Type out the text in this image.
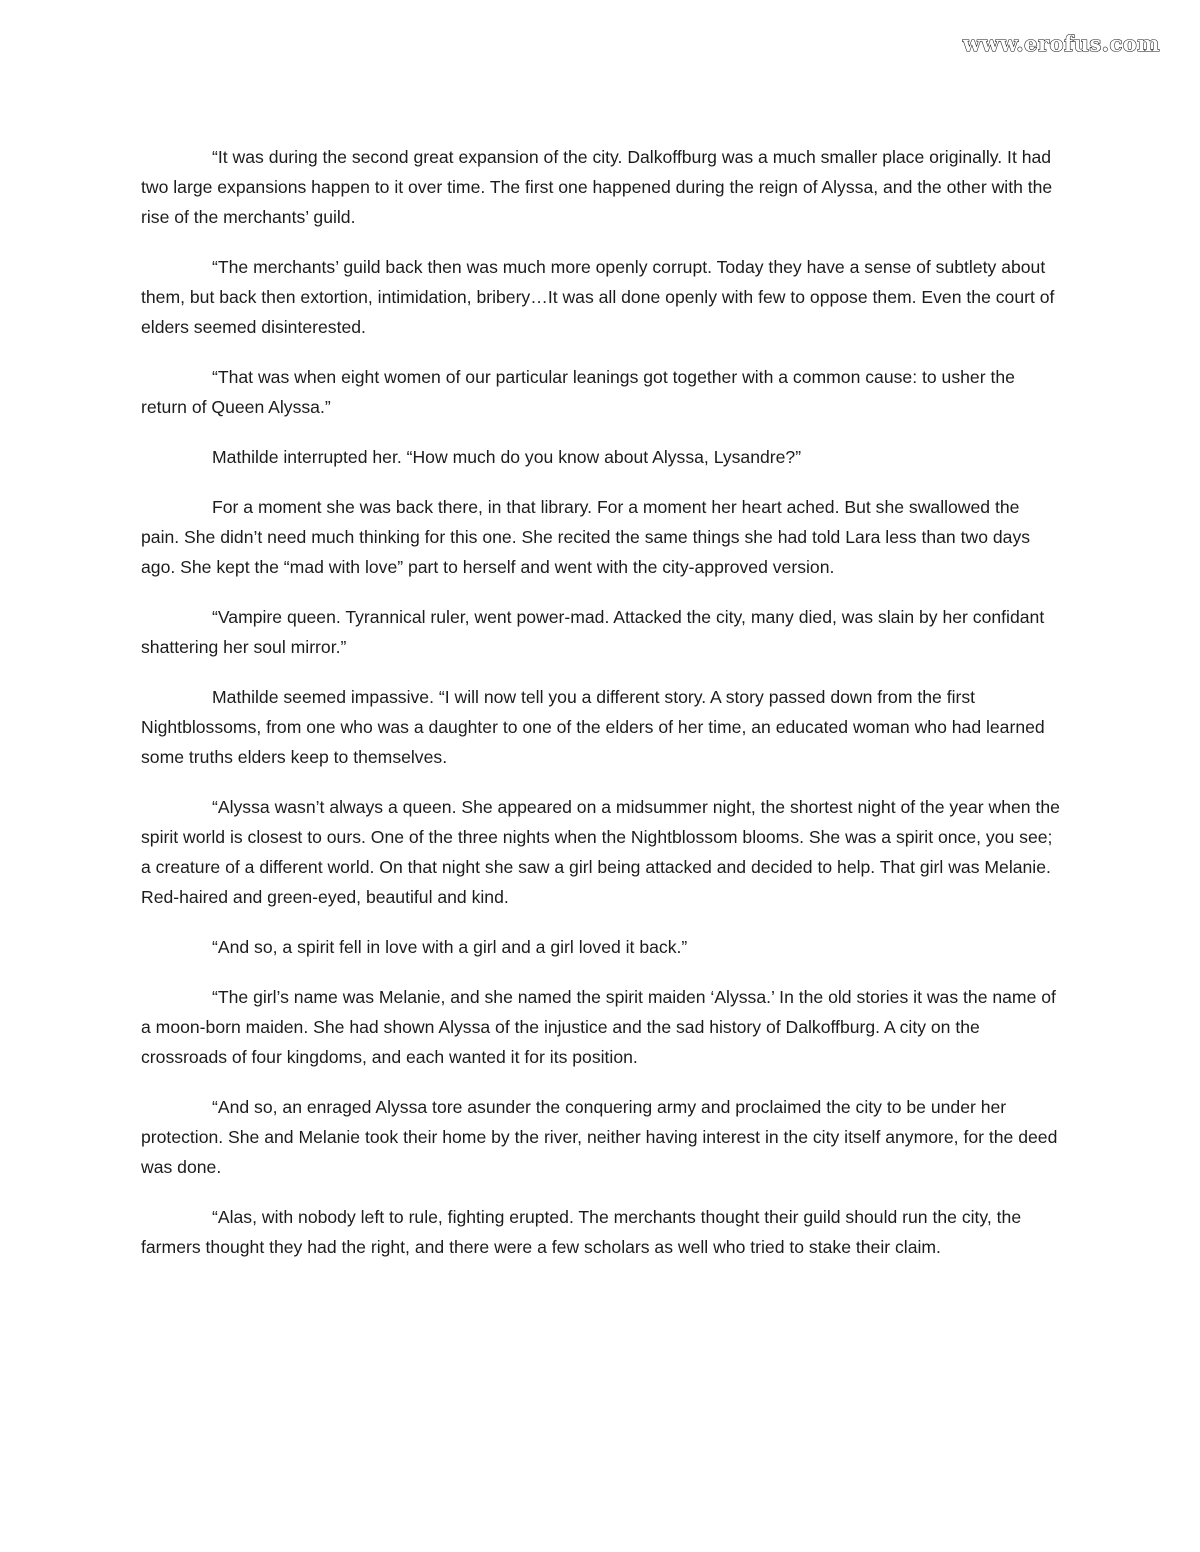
www.erofus.com

“It was during the second great expansion of the city. Dalkoffburg was a much smaller place originally. It had two large expansions happen to it over time. The first one happened during the reign of Alyssa, and the other with the rise of the merchants’ guild.

“The merchants’ guild back then was much more openly corrupt. Today they have a sense of subtlety about them, but back then extortion, intimidation, bribery…It was all done openly with few to oppose them. Even the court of elders seemed disinterested.

“That was when eight women of our particular leanings got together with a common cause: to usher the return of Queen Alyssa.”

Mathilde interrupted her. “How much do you know about Alyssa, Lysandre?”

For a moment she was back there, in that library. For a moment her heart ached. But she swallowed the pain. She didn’t need much thinking for this one. She recited the same things she had told Lara less than two days ago. She kept the “mad with love” part to herself and went with the city-approved version.

“Vampire queen. Tyrannical ruler, went power-mad. Attacked the city, many died, was slain by her confidant shattering her soul mirror.”

Mathilde seemed impassive. “I will now tell you a different story. A story passed down from the first Nightblossoms, from one who was a daughter to one of the elders of her time, an educated woman who had learned some truths elders keep to themselves.

“Alyssa wasn’t always a queen. She appeared on a midsummer night, the shortest night of the year when the spirit world is closest to ours. One of the three nights when the Nightblossom blooms. She was a spirit once, you see; a creature of a different world. On that night she saw a girl being attacked and decided to help. That girl was Melanie. Red-haired and green-eyed, beautiful and kind.

“And so, a spirit fell in love with a girl and a girl loved it back.”

“The girl’s name was Melanie, and she named the spirit maiden ‘Alyssa.’ In the old stories it was the name of a moon-born maiden. She had shown Alyssa of the injustice and the sad history of Dalkoffburg. A city on the crossroads of four kingdoms, and each wanted it for its position.

“And so, an enraged Alyssa tore asunder the conquering army and proclaimed the city to be under her protection. She and Melanie took their home by the river, neither having interest in the city itself anymore, for the deed was done.

“Alas, with nobody left to rule, fighting erupted. The merchants thought their guild should run the city, the farmers thought they had the right, and there were a few scholars as well who tried to stake their claim.
